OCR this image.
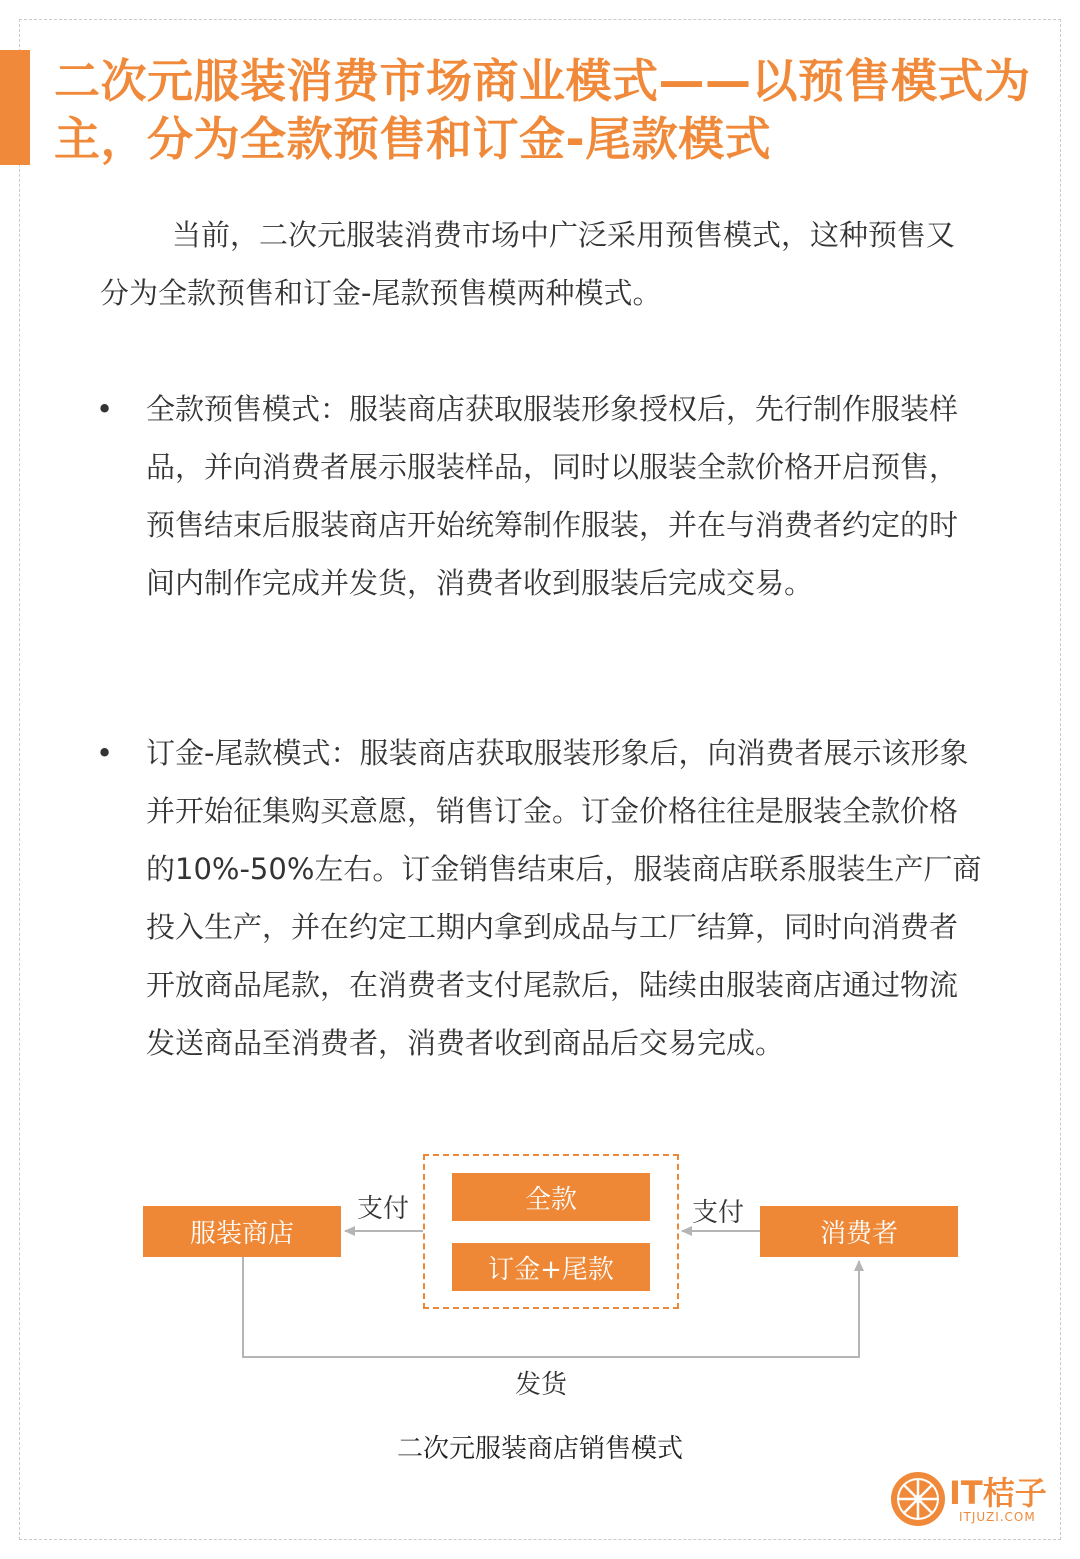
二次元服装消费市场商业模式——以预售模式为主，分为全款预售和订金-尾款模式

当前，二次元服装消费市场中广泛采用预售模式，这种预售又分为全款预售和订金-尾款预售模两种模式。

• 全款预售模式：服装商店获取服装形象授权后，先行制作服装样品，并向消费者展示服装样品，同时以服装全款价格开启预售，预售结束后服装商店开始统筹制作服装，并在与消费者约定的时间内制作完成并发货，消费者收到服装后完成交易。

• 订金-尾款模式：服装商店获取服装形象后，向消费者展示该形象并开始征集购买意愿，销售订金。订金价格往往是服装全款价格的10%-50%左右。订金销售结束后，服装商店联系服装生产厂商投入生产，并在约定工期内拿到成品与工厂结算，同时向消费者开放商品尾款，在消费者支付尾款后，陆续由服装商店通过物流发送商品至消费者，消费者收到商品后交易完成。

服装商店	消费者
全款
订金+尾款
支付	支付
发货
二次元服装商店销售模式
IT桔子
ITJUZI.COM
